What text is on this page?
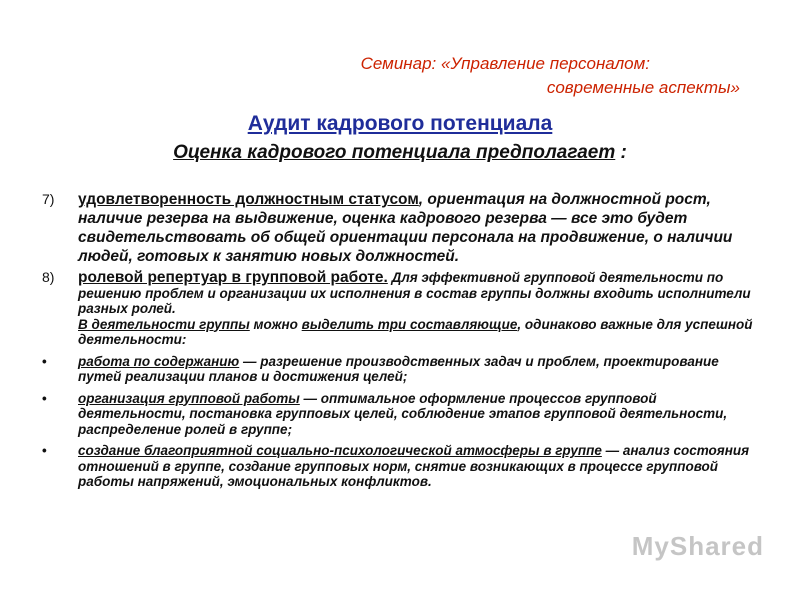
Семинар: «Управление персоналом:
современные аспекты»
Аудит кадрового потенциала
Оценка кадрового потенциала предполагает :
7) удовлетворенность должностным статусом, ориентация на должностной рост, наличие резерва на выдвижение, оценка кадрового резерва — все это будет свидетельствовать об общей ориентации персонала на продвижение, о наличии людей, готовых к занятию новых должностей.
8) ролевой репертуар в групповой работе. Для эффективной групповой деятельности по решению проблем и организации их исполнения в состав группы должны входить исполнители разных ролей.
В деятельности группы можно выделить три составляющие, одинаково важные для успешной деятельности:
• работа по содержанию — разрешение производственных задач и проблем, проектирование путей реализации планов и достижения целей;
• организация групповой работы — оптимальное оформление процессов групповой деятельности, постановка групповых целей, соблюдение этапов групповой деятельности, распределение ролей в группе;
• создание благоприятной социально-психологической атмосферы в группе — анализ состояния отношений в группе, создание групповых норм, снятие возникающих в процессе групповой работы напряжений, эмоциональных конфликтов.
MyShared
